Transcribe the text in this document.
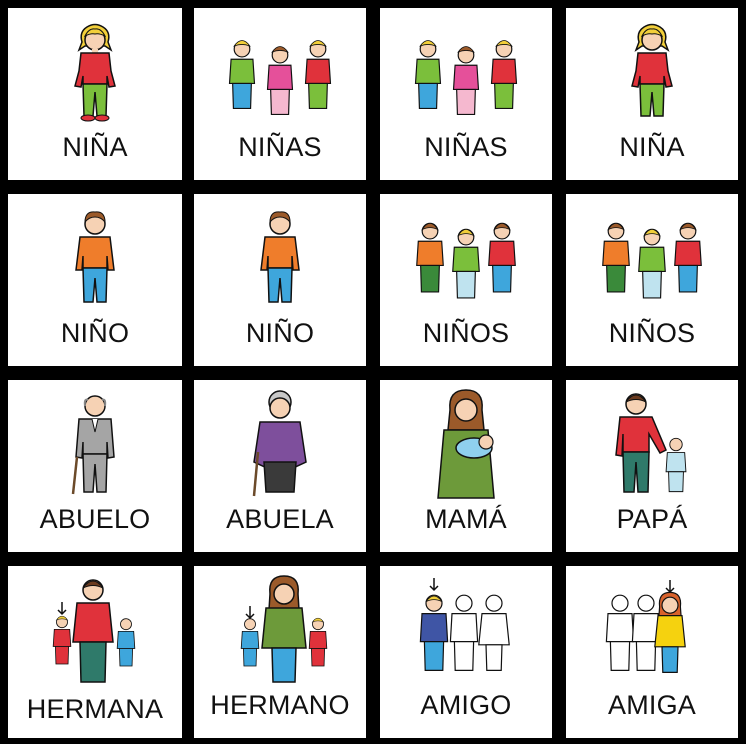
NIÑA	NIÑAS	NIÑAS	NIÑA
NIÑO	NIÑO	NIÑOS	NIÑOS
ABUELO	ABUELA	MAMÁ	PAPÁ
HERMANA	HERMANO	AMIGO	AMIGA
